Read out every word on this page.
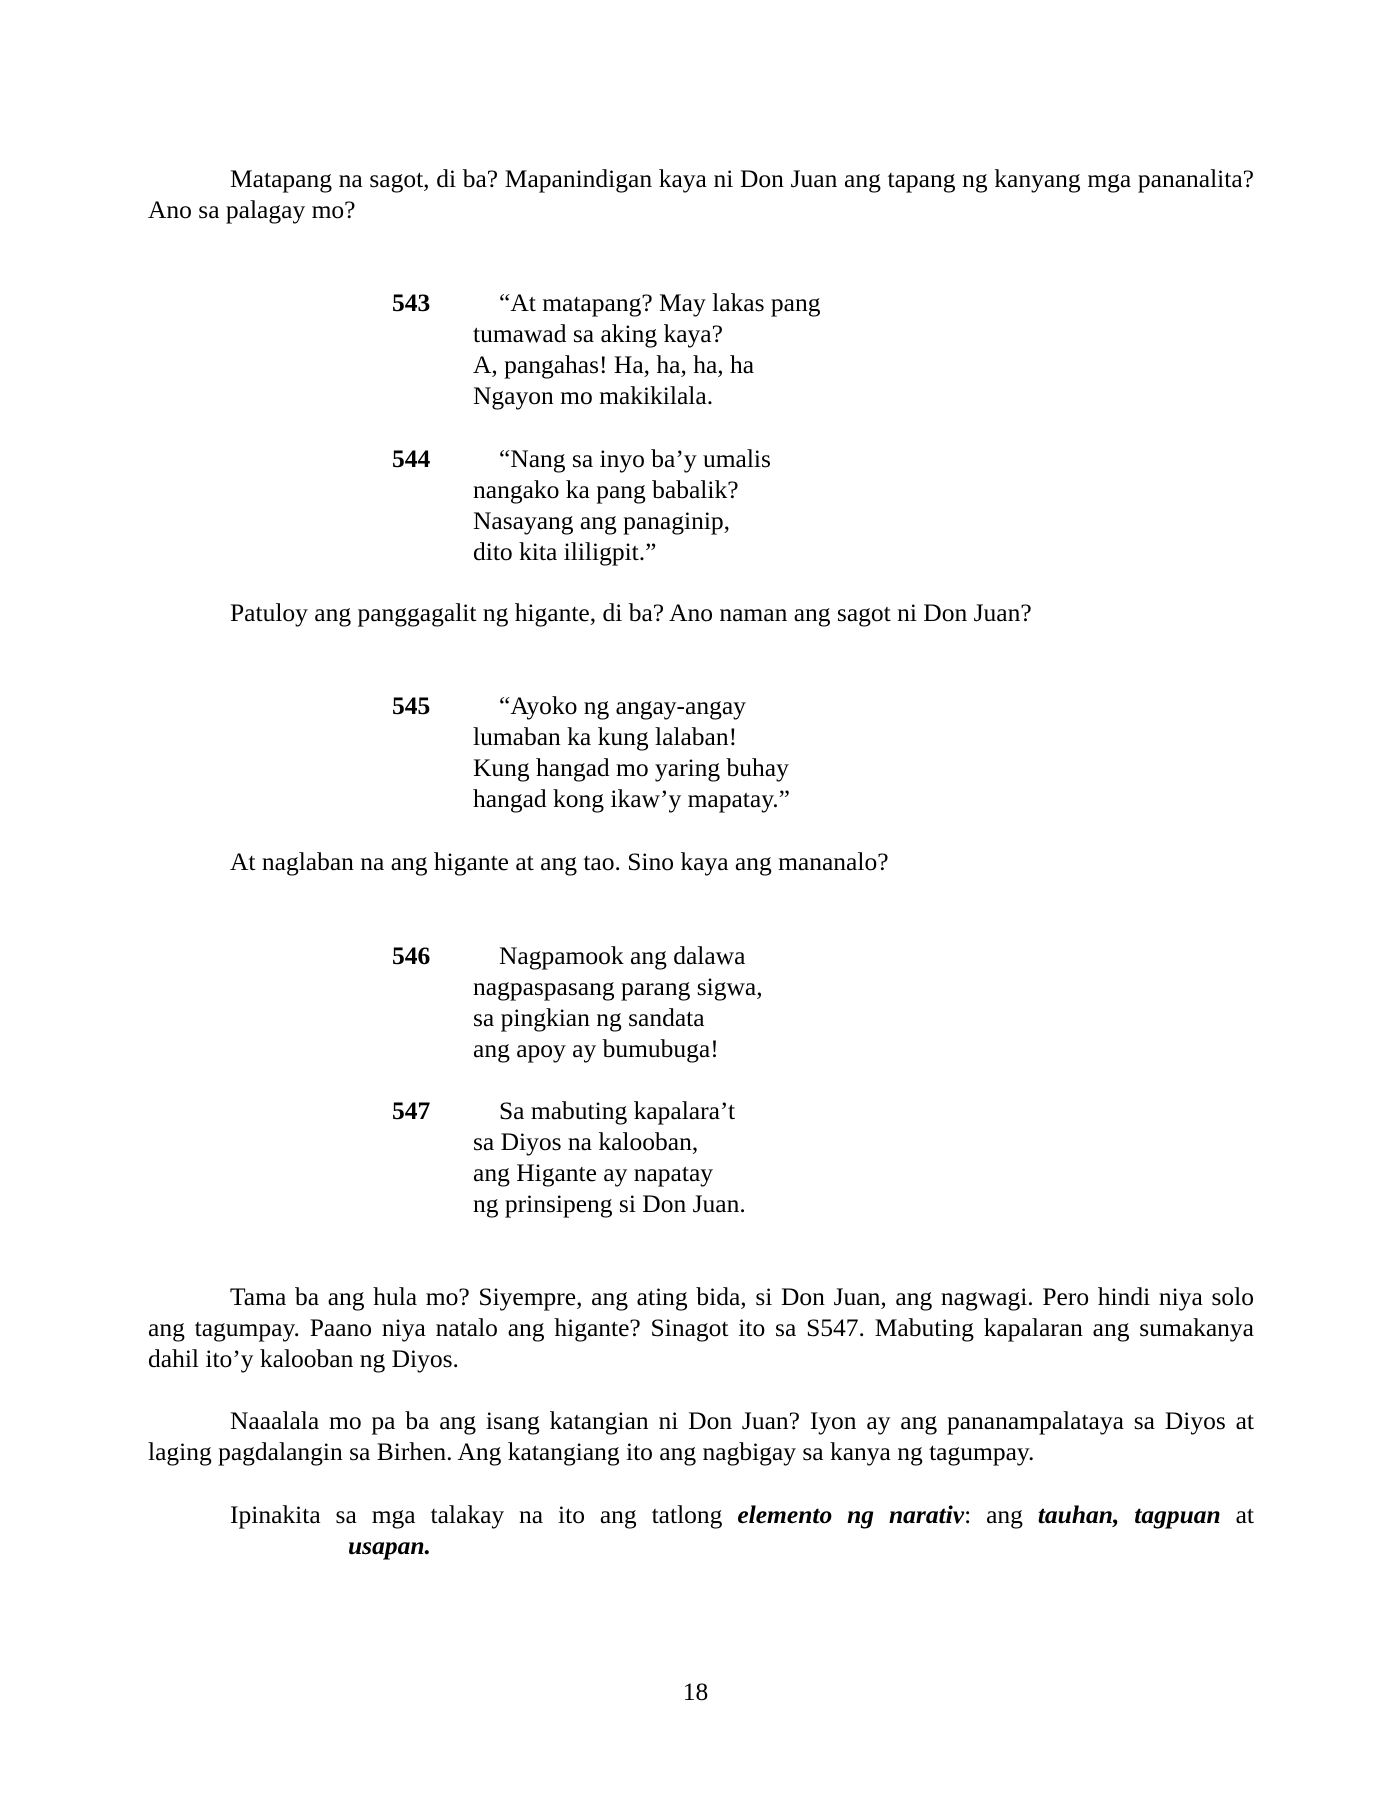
Matapang na sagot, di ba? Mapanindigan kaya ni Don Juan ang tapang ng kanyang mga pananalita? Ano sa palagay mo?
543	“At matapang? May lakas pang
tumawad sa aking kaya?
A, pangahas! Ha, ha, ha, ha
Ngayon mo makikilala.
544	“Nang sa inyo ba’y umalis
nangako ka pang babalik?
Nasayang ang panaginip,
dito kita ililigpit.”
Patuloy ang panggagalit ng higante, di ba? Ano naman ang sagot ni Don Juan?
545	“Ayoko ng angay-angay
lumaban ka kung lalaban!
Kung hangad mo yaring buhay
hangad kong ikaw’y mapatay.”
At naglaban na ang higante at ang tao. Sino kaya ang mananalo?
546	Nagpamook ang dalawa
nagpaspasang parang sigwa,
sa pingkian ng sandata
ang apoy ay bumubuga!
547	Sa mabuting kapalara’t
sa Diyos na kalooban,
ang Higante ay napatay
ng prinsipeng si Don Juan.
Tama ba ang hula mo? Siyempre, ang ating bida, si Don Juan, ang nagwagi. Pero hindi niya solo ang tagumpay. Paano niya natalo ang higante? Sinagot ito sa S547. Mabuting kapalaran ang sumakanya dahil ito’y kalooban ng Diyos.
Naaalala mo pa ba ang isang katangian ni Don Juan? Iyon ay ang pananampalataya sa Diyos at laging pagdalangin sa Birhen. Ang katangiang ito ang nagbigay sa kanya ng tagumpay.
Ipinakita sa mga talakay na ito ang tatlong elemento ng narativ: ang tauhan, tagpuan at usapan.
18
